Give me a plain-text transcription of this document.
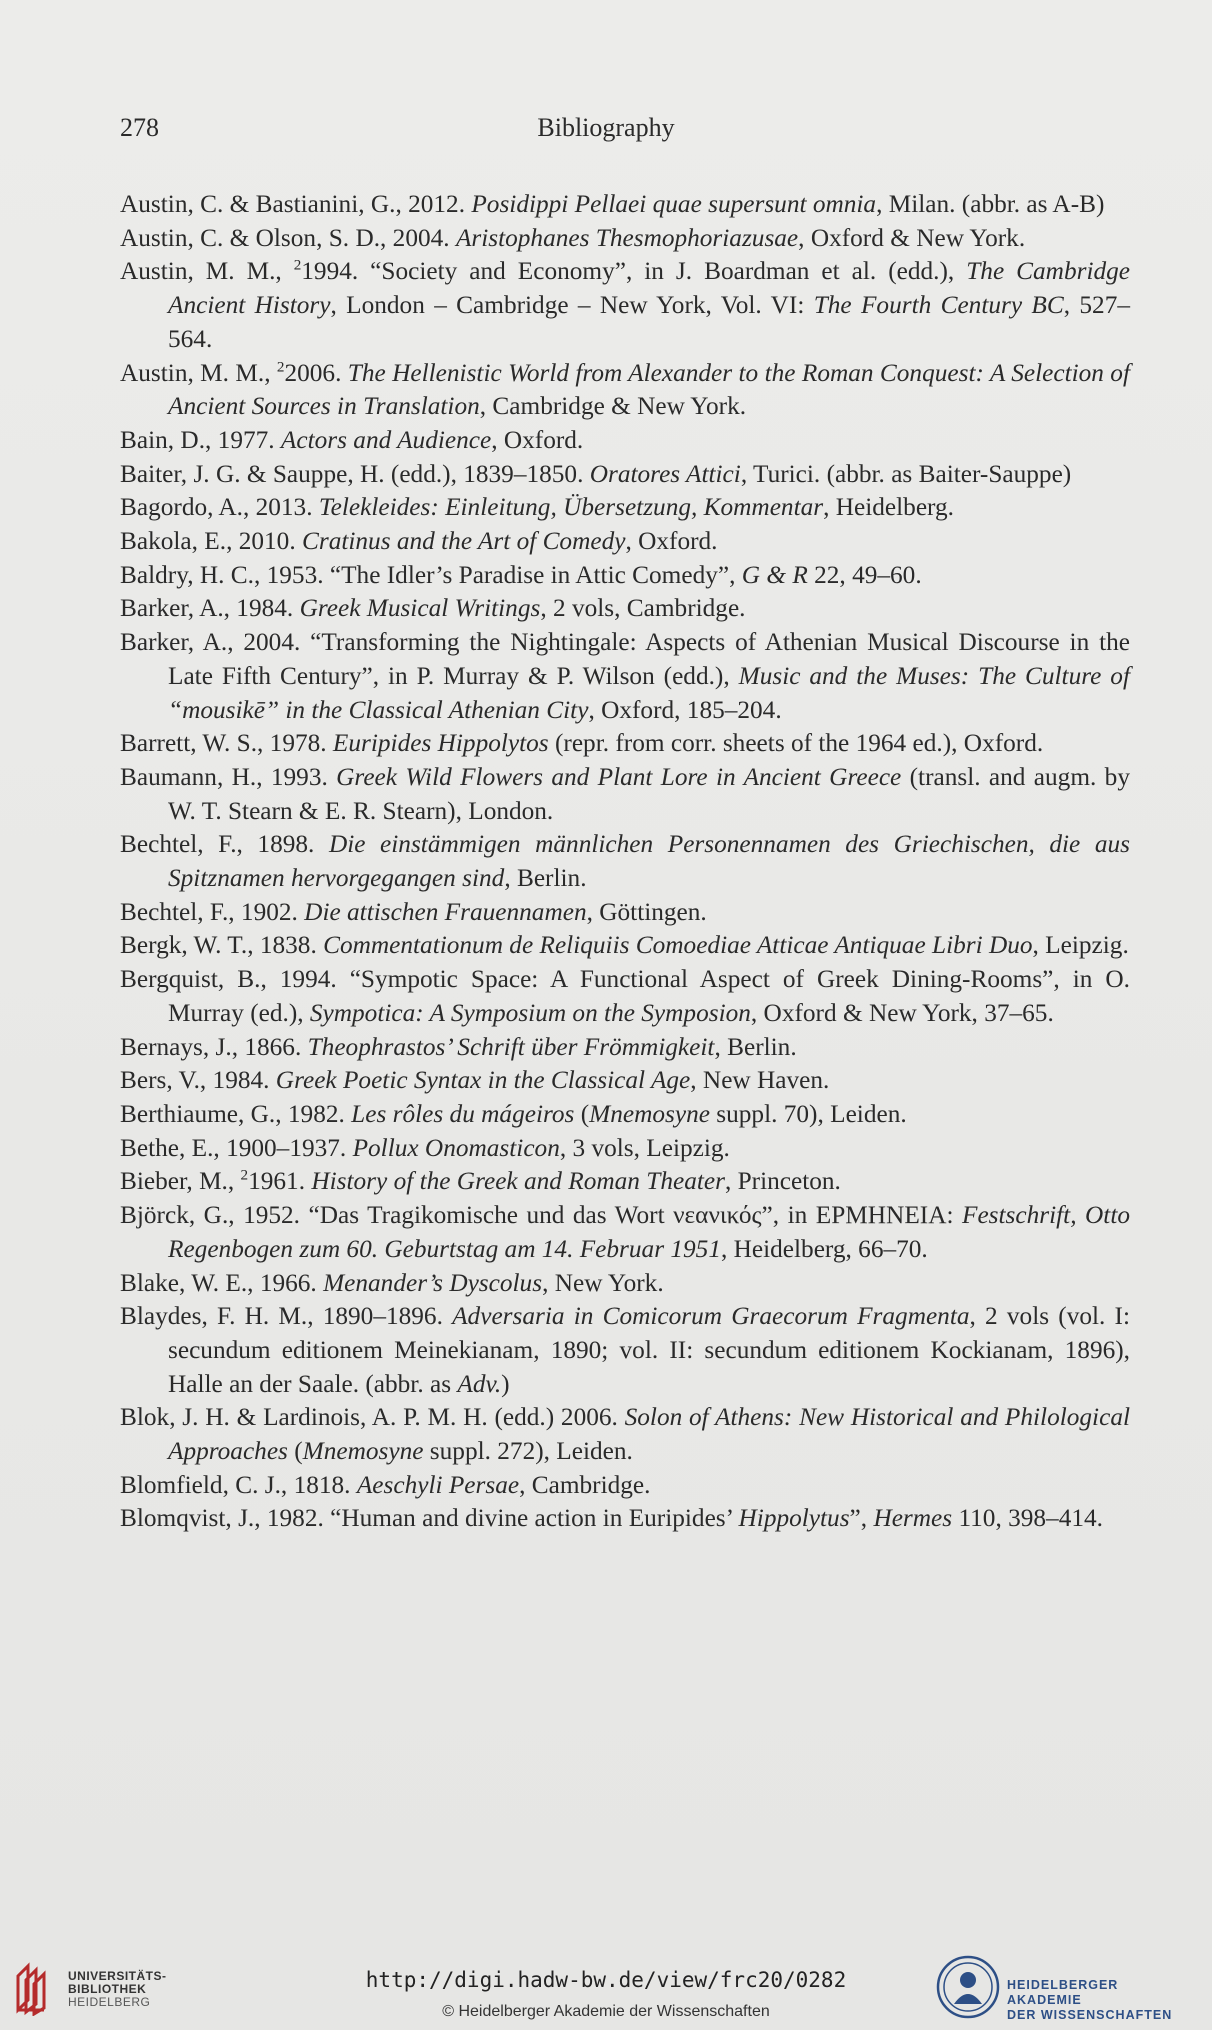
278	Bibliography
Austin, C. & Bastianini, G., 2012. Posidippi Pellaei quae supersunt omnia, Milan. (abbr. as A-B)
Austin, C. & Olson, S. D., 2004. Aristophanes Thesmophoriazusae, Oxford & New York.
Austin, M. M., $^2$1994. “Society and Economy”, in J. Boardman et al. (edd.), The Cambridge Ancient History, London – Cambridge – New York, Vol. VI: The Fourth Century BC, 527–564.
Austin, M. M., $^2$2006. The Hellenistic World from Alexander to the Roman Conquest: A Selection of Ancient Sources in Translation, Cambridge & New York.
Bain, D., 1977. Actors and Audience, Oxford.
Baiter, J. G. & Sauppe, H. (edd.), 1839–1850. Oratores Attici, Turici. (abbr. as Baiter-Sauppe)
Bagordo, A., 2013. Telekleides: Einleitung, Übersetzung, Kommentar, Heidelberg.
Bakola, E., 2010. Cratinus and the Art of Comedy, Oxford.
Baldry, H. C., 1953. “The Idler’s Paradise in Attic Comedy”, G & R 22, 49–60.
Barker, A., 1984. Greek Musical Writings, 2 vols, Cambridge.
Barker, A., 2004. “Transforming the Nightingale: Aspects of Athenian Musical Discourse in the Late Fifth Century”, in P. Murray & P. Wilson (edd.), Music and the Muses: The Culture of “mousikē” in the Classical Athenian City, Oxford, 185–204.
Barrett, W. S., 1978. Euripides Hippolytos (repr. from corr. sheets of the 1964 ed.), Oxford.
Baumann, H., 1993. Greek Wild Flowers and Plant Lore in Ancient Greece (transl. and augm. by W. T. Stearn & E. R. Stearn), London.
Bechtel, F., 1898. Die einstämmigen männlichen Personennamen des Griechischen, die aus Spitznamen hervorgegangen sind, Berlin.
Bechtel, F., 1902. Die attischen Frauennamen, Göttingen.
Bergk, W. T., 1838. Commentationum de Reliquiis Comoediae Atticae Antiquae Libri Duo, Leipzig.
Bergquist, B., 1994. “Sympotic Space: A Functional Aspect of Greek Dining-Rooms”, in O. Murray (ed.), Sympotica: A Symposium on the Symposion, Oxford & New York, 37–65.
Bernays, J., 1866. Theophrastos’ Schrift über Frömmigkeit, Berlin.
Bers, V., 1984. Greek Poetic Syntax in the Classical Age, New Haven.
Berthiaume, G., 1982. Les rôles du mágeiros (Mnemosyne suppl. 70), Leiden.
Bethe, E., 1900–1937. Pollux Onomasticon, 3 vols, Leipzig.
Bieber, M., $^2$1961. History of the Greek and Roman Theater, Princeton.
Björck, G., 1952. “Das Tragikomische und das Wort νεανικός”, in ΕΡΜΗΝΕΙΑ: Festschrift, Otto Regenbogen zum 60. Geburtstag am 14. Februar 1951, Heidelberg, 66–70.
Blake, W. E., 1966. Menander’s Dyscolus, New York.
Blaydes, F. H. M., 1890–1896. Adversaria in Comicorum Graecorum Fragmenta, 2 vols (vol. I: secundum editionem Meinekianam, 1890; vol. II: secundum editionem Kockianam, 1896), Halle an der Saale. (abbr. as Adv.)
Blok, J. H. & Lardinois, A. P. M. H. (edd.) 2006. Solon of Athens: New Historical and Philological Approaches (Mnemosyne suppl. 272), Leiden.
Blomfield, C. J., 1818. Aeschyli Persae, Cambridge.
Blomqvist, J., 1982. “Human and divine action in Euripides’ Hippolytus”, Hermes 110, 398–414.
UNIVERSITÄTS-
BIBLIOTHEK
HEIDELBERG
http://digi.hadw-bw.de/view/frc20/0282
© Heidelberger Akademie der Wissenschaften
HEIDELBERGER AKADEMIE
DER WISSENSCHAFTEN
